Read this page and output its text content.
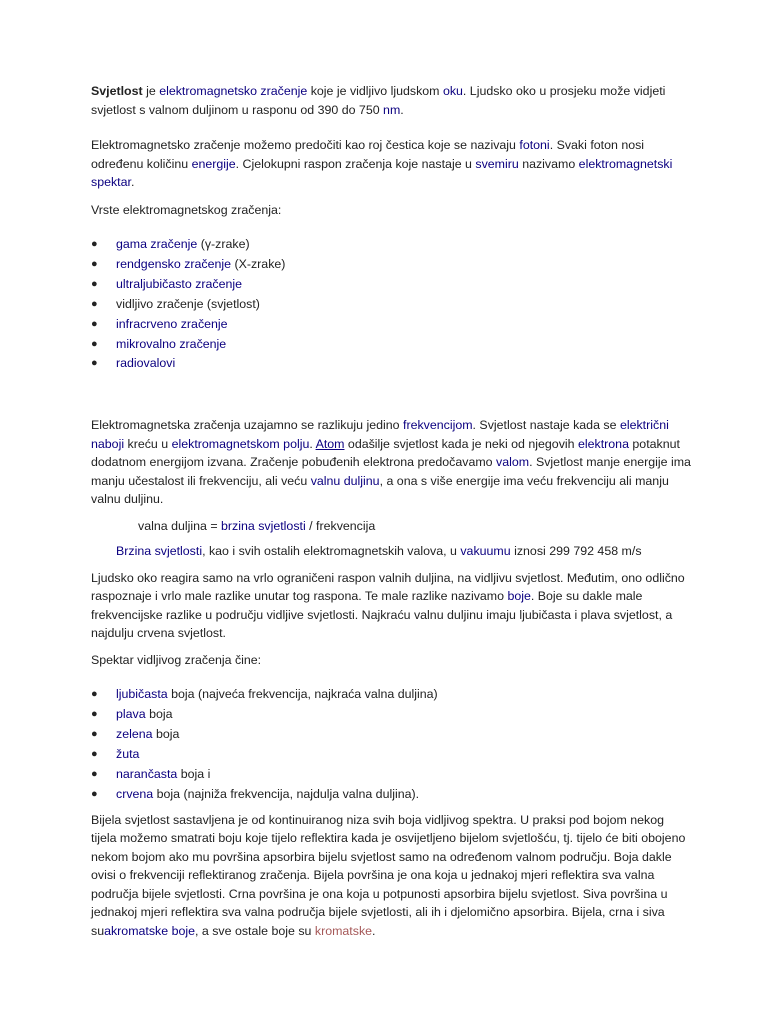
Svjetlost je elektromagnetsko zračenje koje je vidljivo ljudskom oku. Ljudsko oko u prosjeku može vidjeti svjetlost s valnom duljinom u rasponu od 390 do 750 nm.

Elektromagnetsko zračenje možemo predočiti kao roj čestica koje se nazivaju fotoni. Svaki foton nosi određenu količinu energije. Cjelokupni raspon zračenja koje nastaje u svemiru nazivamo elektromagnetski spektar.

Vrste elektromagnetskog zračenja:

● gama zračenje (γ-zrake)
● rendgensko zračenje (X-zrake)
● ultraljubičasto zračenje
● vidljivo zračenje (svjetlost)
● infracrveno zračenje
● mikrovalno zračenje
● radiovalovi

Elektromagnetska zračenja uzajamno se razlikuju jedino frekvencijom. Svjetlost nastaje kada se električni naboji kreću u elektromagnetskom polju. Atom odašilje svjetlost kada je neki od njegovih elektrona potaknut dodatnom energijom izvana. Zračenje pobuđenih elektrona predočavamo valom. Svjetlost manje energije ima manju učestalost ili frekvenciju, ali veću valnu duljinu, a ona s više energije ima veću frekvenciju ali manju valnu duljinu.

valna duljina = brzina svjetlosti / frekvencija

Brzina svjetlosti, kao i svih ostalih elektromagnetskih valova, u vakuumu iznosi 299 792 458 m/s

Ljudsko oko reagira samo na vrlo ograničeni raspon valnih duljina, na vidljivu svjetlost. Međutim, ono odlično raspoznaje i vrlo male razlike unutar tog raspona. Te male razlike nazivamo boje. Boje su dakle male frekvencijske razlike u području vidljive svjetlosti. Najkraću valnu duljinu imaju ljubičasta i plava svjetlost, a najdulju crvena svjetlost.

Spektar vidljivog zračenja čine:

● ljubičasta boja (najveća frekvencija, najkraća valna duljina)
● plava boja
● zelena boja
● žuta
● narančasta boja i
● crvena boja (najniža frekvencija, najdulja valna duljina).

Bijela svjetlost sastavljena je od kontinuiranog niza svih boja vidljivog spektra. U praksi pod bojom nekog tijela možemo smatrati boju koje tijelo reflektira kada je osvijetljeno bijelom svjetlošću, tj. tijelo će biti obojeno nekom bojom ako mu površina apsorbira bijelu svjetlost samo na određenom valnom području. Boja dakle ovisi o frekvenciji reflektiranog zračenja. Bijela površina je ona koja u jednakoj mjeri reflektira sva valna područja bijele svjetlosti. Crna površina je ona koja u potpunosti apsorbira bijelu svjetlost. Siva površina u jednakoj mjeri reflektira sva valna područja bijele svjetlosti, ali ih i djelomično apsorbira. Bijela, crna i siva suakromatske boje, a sve ostale boje su kromatske.
